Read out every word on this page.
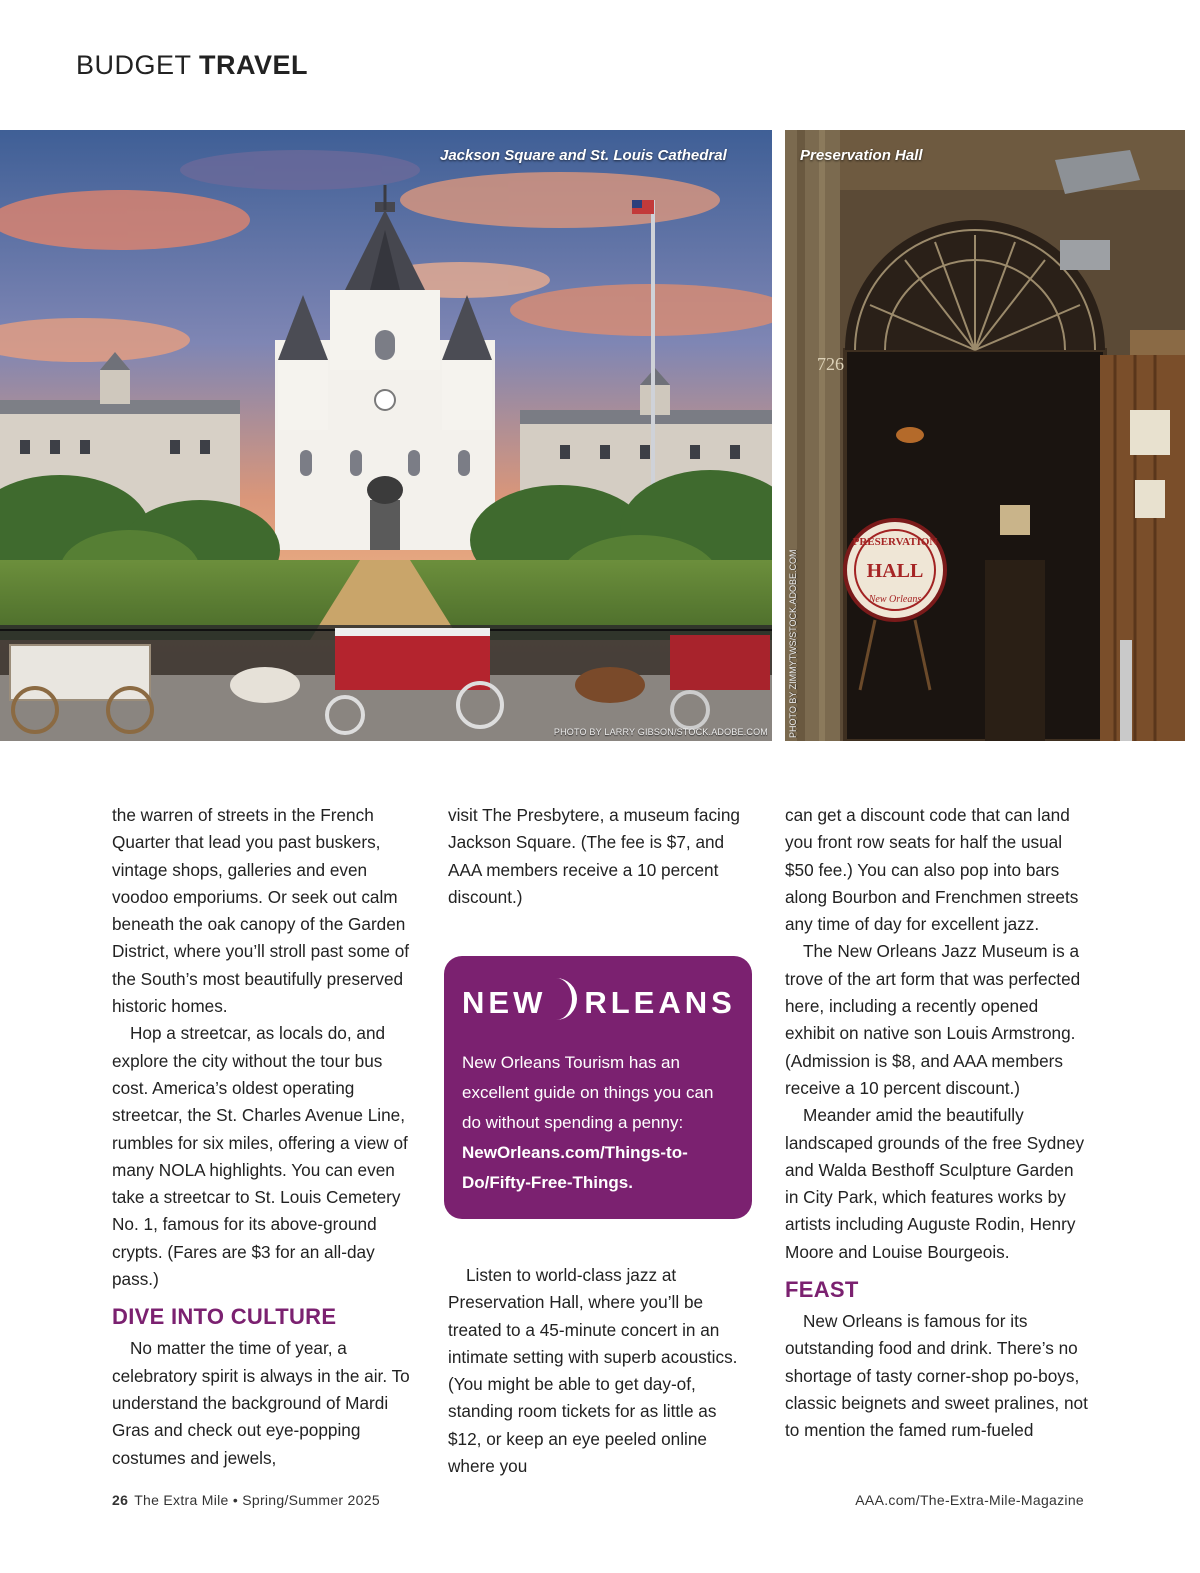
BUDGET TRAVEL
Jackson Square and St. Louis Cathedral
PHOTO BY LARRY GIBSON/STOCK.ADOBE.COM
HALL
PRESERVATION
New Orleans
726
Preservation Hall
PHOTO BY ZIMMYTWS/STOCK.ADOBE.COM

the warren of streets in the French Quarter that lead you past buskers, vintage shops, galleries and even voodoo emporiums. Or seek out calm beneath the oak canopy of the Garden District, where you’ll stroll past some of the South’s most beautifully preserved historic homes.

Hop a streetcar, as locals do, and explore the city without the tour bus cost. America’s oldest operating streetcar, the St. Charles Avenue Line, rumbles for six miles, offering a view of many NOLA highlights. You can even take a streetcar to St. Louis Cemetery No. 1, famous for its above-ground crypts. (Fares are $3 for an all-day pass.)

DIVE INTO CULTURE

No matter the time of year, a celebratory spirit is always in the air. To understand the background of Mardi Gras and check out eye-popping costumes and jewels,

visit The Presbytere, a museum facing Jackson Square. (The fee is $7, and AAA members receive a 10 percent discount.)

NEW RLEANS
New Orleans Tourism has an excellent guide on things you can do without spending a penny:
NewOrleans.com/Things-to-Do/Fifty-Free-Things.

Listen to world-class jazz at Preservation Hall, where you’ll be treated to a 45-minute concert in an intimate setting with superb acoustics. (You might be able to get day-of, standing room tickets for as little as $12, or keep an eye peeled online where you

can get a discount code that can land you front row seats for half the usual $50 fee.) You can also pop into bars along Bourbon and Frenchmen streets any time of day for excellent jazz.

The New Orleans Jazz Museum is a trove of the art form that was perfected here, including a recently opened exhibit on native son Louis Armstrong. (Admission is $8, and AAA members receive a 10 percent discount.)

Meander amid the beautifully landscaped grounds of the free Sydney and Walda Besthoff Sculpture Garden in City Park, which features works by artists including Auguste Rodin, Henry Moore and Louise Bourgeois.

FEAST

New Orleans is famous for its outstanding food and drink. There’s no shortage of tasty corner-shop po-boys, classic beignets and sweet pralines, not to mention the famed rum-fueled

26 The Extra Mile • Spring/Summer 2025	AAA.com/The-Extra-Mile-Magazine
